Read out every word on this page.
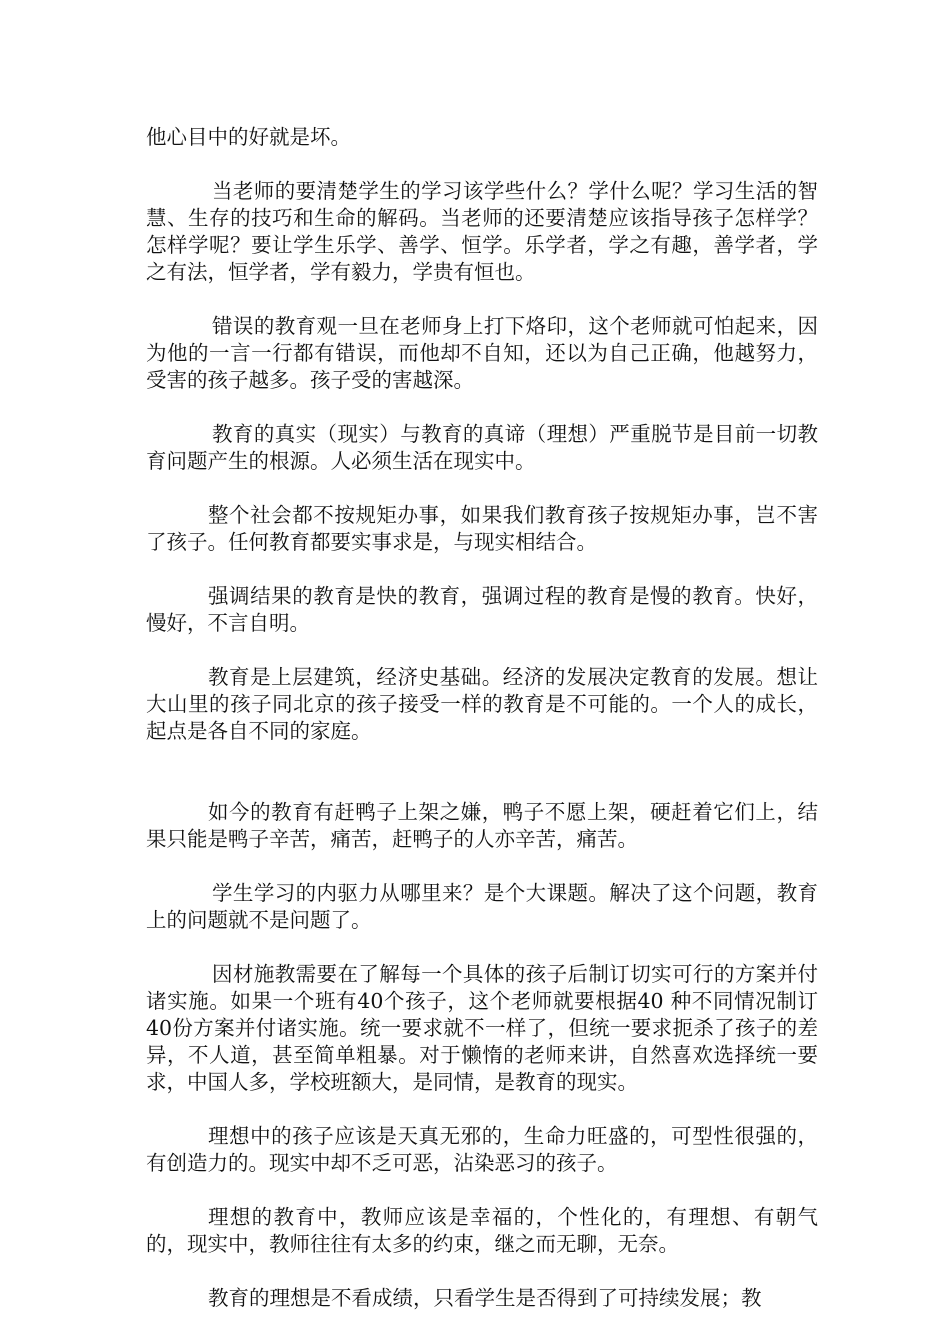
他心目中的好就是坏。

当老师的要清楚学生的学习该学些什么？学什么呢？学习生活的智慧、生存的技巧和生命的解码。当老师的还要清楚应该指导孩子怎样学？怎样学呢？要让学生乐学、善学、恒学。乐学者，学之有趣，善学者，学之有法，恒学者，学有毅力，学贵有恒也。

错误的教育观一旦在老师身上打下烙印，这个老师就可怕起来，因为他的一言一行都有错误，而他却不自知，还以为自己正确，他越努力，受害的孩子越多。孩子受的害越深。

教育的真实（现实）与教育的真谛（理想）严重脱节是目前一切教育问题产生的根源。人必须生活在现实中。

整个社会都不按规矩办事，如果我们教育孩子按规矩办事，岂不害了孩子。任何教育都要实事求是，与现实相结合。

强调结果的教育是快的教育，强调过程的教育是慢的教育。快好，慢好，不言自明。

教育是上层建筑，经济史基础。经济的发展决定教育的发展。想让大山里的孩子同北京的孩子接受一样的教育是不可能的。一个人的成长，起点是各自不同的家庭。

如今的教育有赶鸭子上架之嫌，鸭子不愿上架，硬赶着它们上，结果只能是鸭子辛苦，痛苦，赶鸭子的人亦辛苦，痛苦。

学生学习的内驱力从哪里来？是个大课题。解决了这个问题，教育上的问题就不是问题了。

因材施教需要在了解每一个具体的孩子后制订切实可行的方案并付诸实施。如果一个班有40个孩子，这个老师就要根据40 种不同情况制订40份方案并付诸实施。统一要求就不一样了，但统一要求扼杀了孩子的差异，不人道，甚至简单粗暴。对于懒惰的老师来讲，自然喜欢选择统一要求，中国人多，学校班额大，是同情，是教育的现实。

理想中的孩子应该是天真无邪的，生命力旺盛的，可型性很强的，有创造力的。现实中却不乏可恶，沾染恶习的孩子。

理想的教育中，教师应该是幸福的，个性化的，有理想、有朝气的，现实中，教师往往有太多的约束，继之而无聊，无奈。

教育的理想是不看成绩，只看学生是否得到了可持续发展；教
